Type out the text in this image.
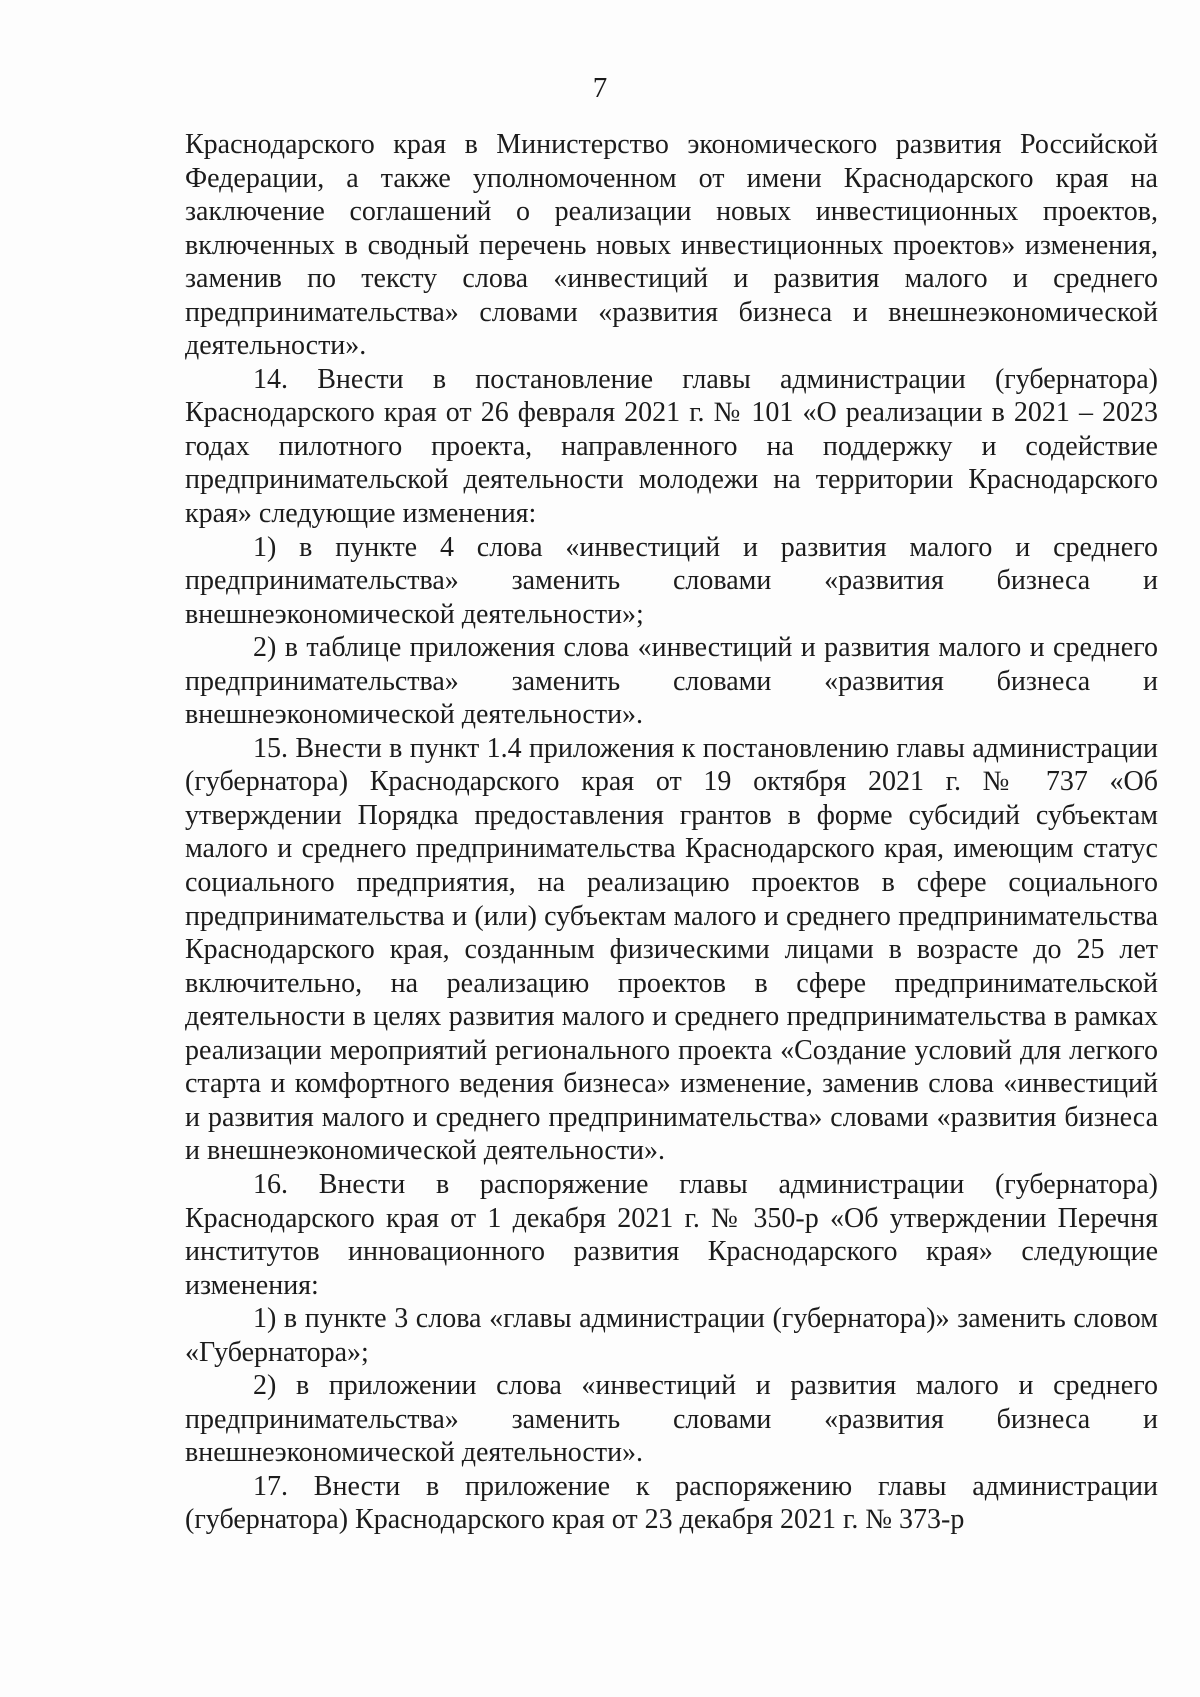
7

Краснодарского края в Министерство экономического развития Российской Федерации, а также уполномоченном от имени Краснодарского края на заключение соглашений о реализации новых инвестиционных проектов, включенных в сводный перечень новых инвестиционных проектов» изменения, заменив по тексту слова «инвестиций и развития малого и среднего предпринимательства» словами «развития бизнеса и внешнеэкономической деятельности».

14. Внести в постановление главы администрации (губернатора) Краснодарского края от 26 февраля 2021 г. № 101 «О реализации в 2021 – 2023 годах пилотного проекта, направленного на поддержку и содействие предпринимательской деятельности молодежи на территории Краснодарского края» следующие изменения:

1) в пункте 4 слова «инвестиций и развития малого и среднего предпринимательства» заменить словами «развития бизнеса и внешнеэкономической деятельности»;

2) в таблице приложения слова «инвестиций и развития малого и среднего предпринимательства» заменить словами «развития бизнеса и внешнеэкономической деятельности».

15. Внести в пункт 1.4 приложения к постановлению главы администрации (губернатора) Краснодарского края от 19 октября 2021 г. № 737 «Об утверждении Порядка предоставления грантов в форме субсидий субъектам малого и среднего предпринимательства Краснодарского края, имеющим статус социального предприятия, на реализацию проектов в сфере социального предпринимательства и (или) субъектам малого и среднего предпринимательства Краснодарского края, созданным физическими лицами в возрасте до 25 лет включительно, на реализацию проектов в сфере предпринимательской деятельности в целях развития малого и среднего предпринимательства в рамках реализации мероприятий регионального проекта «Создание условий для легкого старта и комфортного ведения бизнеса» изменение, заменив слова «инвестиций и развития малого и среднего предпринимательства» словами «развития бизнеса и внешнеэкономической деятельности».

16. Внести в распоряжение главы администрации (губернатора) Краснодарского края от 1 декабря 2021 г. № 350-р «Об утверждении Перечня институтов инновационного развития Краснодарского края» следующие изменения:

1) в пункте 3 слова «главы администрации (губернатора)» заменить словом «Губернатора»;

2) в приложении слова «инвестиций и развития малого и среднего предпринимательства» заменить словами «развития бизнеса и внешнеэкономической деятельности».

17. Внести в приложение к распоряжению главы администрации (губернатора) Краснодарского края от 23 декабря 2021 г. № 373-р
